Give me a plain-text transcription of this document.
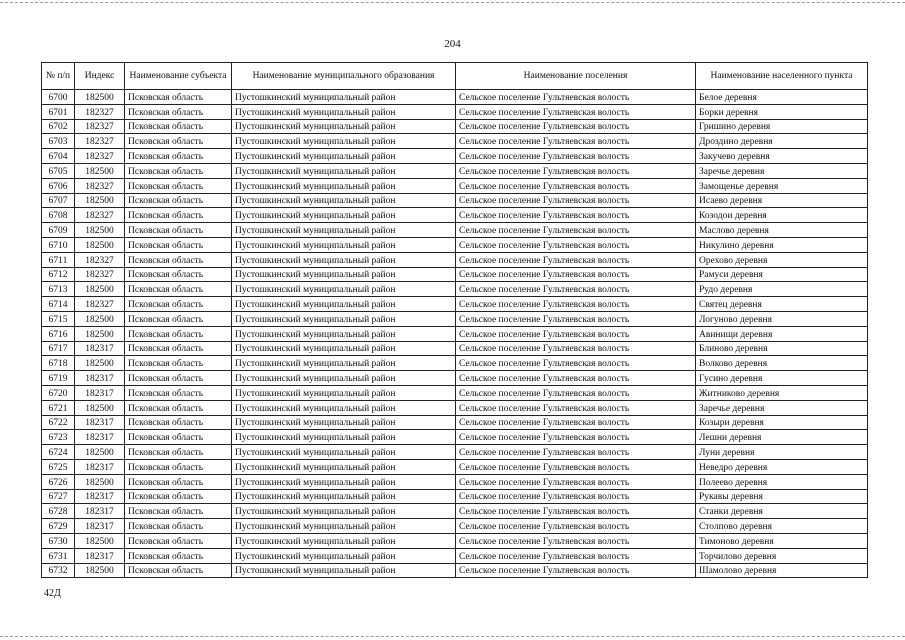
204
№ п/п	Индекс	Наименование субъекта	Наименование муниципального образования	Наименование поселения	Наименование населенного пункта
6700	182500	Псковская область	Пустошкинский муниципальный район	Сельское поселение Гультяевская волость	Белое деревня
6701	182327	Псковская область	Пустошкинский муниципальный район	Сельское поселение Гультяевская волость	Борки деревня
6702	182327	Псковская область	Пустошкинский муниципальный район	Сельское поселение Гультяевская волость	Гришино деревня
6703	182327	Псковская область	Пустошкинский муниципальный район	Сельское поселение Гультяевская волость	Дроздино деревня
6704	182327	Псковская область	Пустошкинский муниципальный район	Сельское поселение Гультяевская волость	Закучево деревня
6705	182500	Псковская область	Пустошкинский муниципальный район	Сельское поселение Гультяевская волость	Заречье деревня
6706	182327	Псковская область	Пустошкинский муниципальный район	Сельское поселение Гультяевская волость	Замощенье деревня
6707	182500	Псковская область	Пустошкинский муниципальный район	Сельское поселение Гультяевская волость	Исаево деревня
6708	182327	Псковская область	Пустошкинский муниципальный район	Сельское поселение Гультяевская волость	Козодои деревня
6709	182500	Псковская область	Пустошкинский муниципальный район	Сельское поселение Гультяевская волость	Маслово деревня
6710	182500	Псковская область	Пустошкинский муниципальный район	Сельское поселение Гультяевская волость	Никулино деревня
6711	182327	Псковская область	Пустошкинский муниципальный район	Сельское поселение Гультяевская волость	Орехово деревня
6712	182327	Псковская область	Пустошкинский муниципальный район	Сельское поселение Гультяевская волость	Рамуси деревня
6713	182500	Псковская область	Пустошкинский муниципальный район	Сельское поселение Гультяевская волость	Рудо деревня
6714	182327	Псковская область	Пустошкинский муниципальный район	Сельское поселение Гультяевская волость	Святец деревня
6715	182500	Псковская область	Пустошкинский муниципальный район	Сельское поселение Гультяевская волость	Логуново деревня
6716	182500	Псковская область	Пустошкинский муниципальный район	Сельское поселение Гультяевская волость	Авинищи деревня
6717	182317	Псковская область	Пустошкинский муниципальный район	Сельское поселение Гультяевская волость	Блиново деревня
6718	182500	Псковская область	Пустошкинский муниципальный район	Сельское поселение Гультяевская волость	Волково деревня
6719	182317	Псковская область	Пустошкинский муниципальный район	Сельское поселение Гультяевская волость	Гусино деревня
6720	182317	Псковская область	Пустошкинский муниципальный район	Сельское поселение Гультяевская волость	Житниково деревня
6721	182500	Псковская область	Пустошкинский муниципальный район	Сельское поселение Гультяевская волость	Заречье деревня
6722	182317	Псковская область	Пустошкинский муниципальный район	Сельское поселение Гультяевская волость	Козыри деревня
6723	182317	Псковская область	Пустошкинский муниципальный район	Сельское поселение Гультяевская волость	Лешни деревня
6724	182500	Псковская область	Пустошкинский муниципальный район	Сельское поселение Гультяевская волость	Луни деревня
6725	182317	Псковская область	Пустошкинский муниципальный район	Сельское поселение Гультяевская волость	Неведро деревня
6726	182500	Псковская область	Пустошкинский муниципальный район	Сельское поселение Гультяевская волость	Полеево деревня
6727	182317	Псковская область	Пустошкинский муниципальный район	Сельское поселение Гультяевская волость	Рукавы деревня
6728	182317	Псковская область	Пустошкинский муниципальный район	Сельское поселение Гультяевская волость	Станки деревня
6729	182317	Псковская область	Пустошкинский муниципальный район	Сельское поселение Гультяевская волость	Столпово деревня
6730	182500	Псковская область	Пустошкинский муниципальный район	Сельское поселение Гультяевская волость	Тимоново деревня
6731	182317	Псковская область	Пустошкинский муниципальный район	Сельское поселение Гультяевская волость	Торчилово деревня
6732	182500	Псковская область	Пустошкинский муниципальный район	Сельское поселение Гультяевская волость	Шамолово деревня
42Д
